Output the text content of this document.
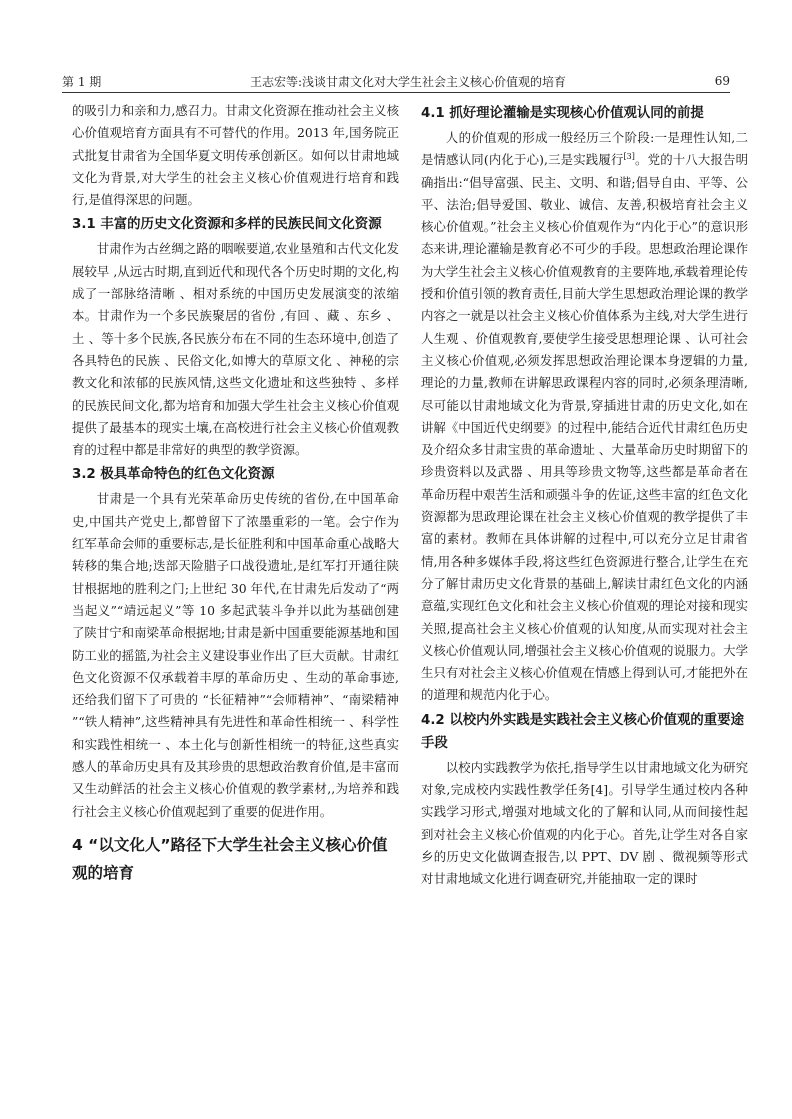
第 1 期	王志宏等:浅谈甘肃文化对大学生社会主义核心价值观的培育	69

的吸引力和亲和力,感召力。甘肃文化资源在推动社会主义核心价值观培育方面具有不可替代的作用。2013 年,国务院正式批复甘肃省为全国华夏文明传承创新区。如何以甘肃地域文化为背景,对大学生的社会主义核心价值观进行培育和践行,是值得深思的问题。

3.1 丰富的历史文化资源和多样的民族民间文化资源

甘肃作为古丝绸之路的咽喉要道,农业垦殖和古代文化发展较早 ,从远古时期,直到近代和现代各个历史时期的文化,构成了一部脉络清晰 、相对系统的中国历史发展演变的浓缩本。甘肃作为一个多民族聚居的省份 ,有回 、藏 、东乡 、土 、等十多个民族,各民族分布在不同的生态环境中,创造了各具特色的民族 、民俗文化,如博大的草原文化 、神秘的宗教文化和浓郁的民族风情,这些文化遗址和这些独特 、多样的民族民间文化,都为培育和加强大学生社会主义核心价值观提供了最基本的现实土壤,在高校进行社会主义核心价值观教育的过程中都是非常好的典型的教学资源。

3.2 极具革命特色的红色文化资源

甘肃是一个具有光荣革命历史传统的省份,在中国革命史,中国共产党史上,都曾留下了浓墨重彩的一笔。会宁作为红军革命会师的重要标志,是长征胜利和中国革命重心战略大转移的集合地;迭部天险腊子口战役遗址,是红军打开通往陕甘根据地的胜利之门;上世纪 30 年代,在甘肃先后发动了“两当起义”“靖远起义”等 10 多起武装斗争并以此为基础创建了陕甘宁和南梁革命根据地;甘肃是新中国重要能源基地和国防工业的摇篮,为社会主义建设事业作出了巨大贡献。甘肃红色文化资源不仅承载着丰厚的革命历史 、生动的革命事迹,还给我们留下了可贵的 “长征精神”“会师精神”、“南梁精神 ”“铁人精神”,这些精神具有先进性和革命性相统一 、科学性和实践性相统一 、本土化与创新性相统一的特征,这些真实感人的革命历史具有及其珍贵的思想政治教育价值,是丰富而又生动鲜活的社会主义核心价值观的教学素材,,为培养和践行社会主义核心价值观起到了重要的促进作用。

4 “以文化人”路径下大学生社会主义核心价值观的培育
4.1 抓好理论灌输是实现核心价值观认同的前提

人的价值观的形成一般经历三个阶段:一是理性认知,二是情感认同(内化于心),三是实践履行[3]。党的十八大报告明确指出:“倡导富强、民主、文明、和谐;倡导自由、平等、公平、法治;倡导爱国、敬业、诚信、友善,积极培育社会主义核心价值观。”社会主义核心价值观作为“内化于心”的意识形态来讲,理论灌输是教育必不可少的手段。思想政治理论课作为大学生社会主义核心价值观教育的主要阵地,承载着理论传授和价值引领的教育责任,目前大学生思想政治理论课的教学内容之一就是以社会主义核心价值体系为主线,对大学生进行人生观 、价值观教育,要使学生接受思想理论课 、认可社会主义核心价值观,必须发挥思想政治理论课本身逻辑的力量,理论的力量,教师在讲解思政课程内容的同时,必须条理清晰,尽可能以甘肃地域文化为背景,穿插进甘肃的历史文化,如在讲解《中国近代史纲要》的过程中,能结合近代甘肃红色历史及介绍众多甘肃宝贵的革命遗址 、大量革命历史时期留下的珍贵资料以及武器 、用具等珍贵文物等,这些都是革命者在革命历程中艰苦生活和顽强斗争的佐证,这些丰富的红色文化资源都为思政理论课在社会主义核心价值观的教学提供了丰富的素材。教师在具体讲解的过程中,可以充分立足甘肃省情,用各种多媒体手段,将这些红色资源进行整合,让学生在充分了解甘肃历史文化背景的基础上,解读甘肃红色文化的内涵意蕴,实现红色文化和社会主义核心价值观的理论对接和现实关照,提高社会主义核心价值观的认知度,从而实现对社会主义核心价值观认同,增强社会主义核心价值观的说服力。大学生只有对社会主义核心价值观在情感上得到认可,才能把外在的道理和规范内化于心。

4.2 以校内外实践是实践社会主义核心价值观的重要途手段

以校内实践教学为依托,指导学生以甘肃地域文化为研究对象,完成校内实践性教学任务[4]。引导学生通过校内各种实践学习形式,增强对地域文化的了解和认同,从而间接性起到对社会主义核心价值观的内化于心。首先,让学生对各自家乡的历史文化做调查报告,以 PPT、DV 剧 、微视频等形式对甘肃地域文化进行调查研究,并能抽取一定的课时
